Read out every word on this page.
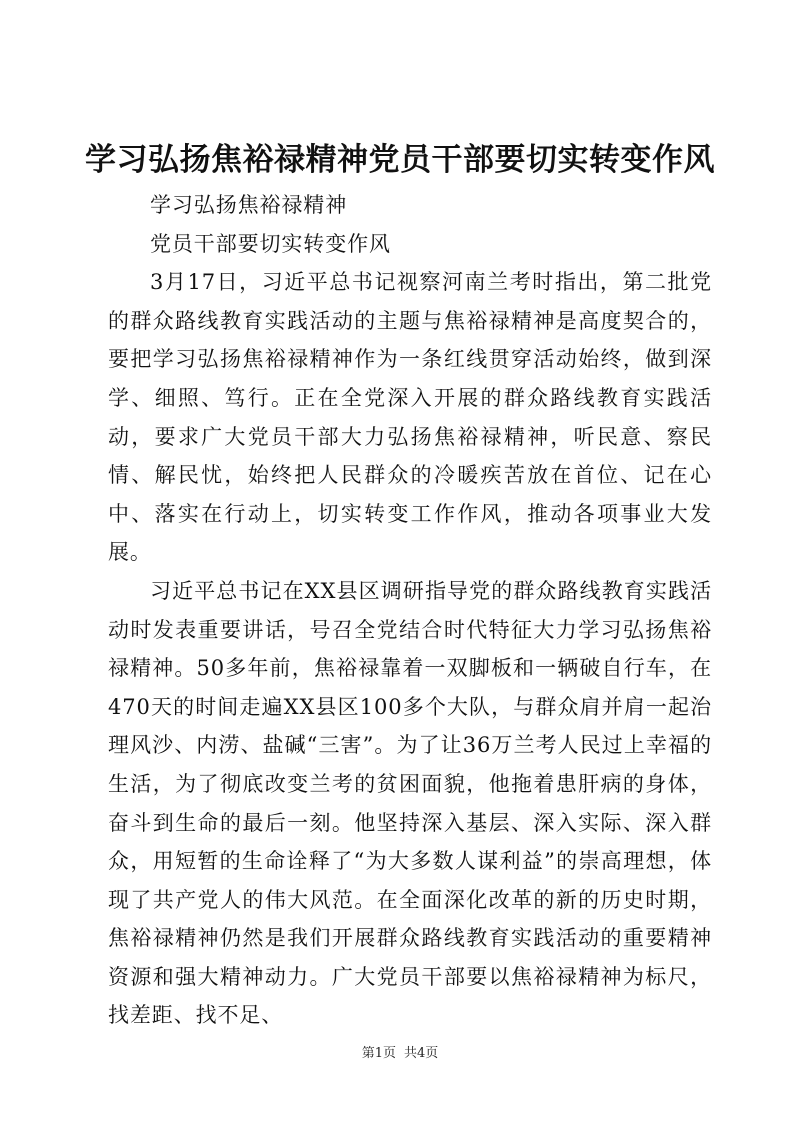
学习弘扬焦裕禄精神党员干部要切实转变作风

学习弘扬焦裕禄精神

党员干部要切实转变作风

3月17日，习近平总书记视察河南兰考时指出，第二批党的群众路线教育实践活动的主题与焦裕禄精神是高度契合的，要把学习弘扬焦裕禄精神作为一条红线贯穿活动始终，做到深学、细照、笃行。正在全党深入开展的群众路线教育实践活动，要求广大党员干部大力弘扬焦裕禄精神，听民意、察民情、解民忧，始终把人民群众的冷暖疾苦放在首位、记在心中、落实在行动上，切实转变工作作风，推动各项事业大发展。

习近平总书记在XX县区调研指导党的群众路线教育实践活动时发表重要讲话，号召全党结合时代特征大力学习弘扬焦裕禄精神。50多年前，焦裕禄靠着一双脚板和一辆破自行车，在470天的时间走遍XX县区100多个大队，与群众肩并肩一起治理风沙、内涝、盐碱“三害”。为了让36万兰考人民过上幸福的生活，为了彻底改变兰考的贫困面貌，他拖着患肝病的身体，奋斗到生命的最后一刻。他坚持深入基层、深入实际、深入群众，用短暂的生命诠释了“为大多数人谋利益”的崇高理想，体现了共产党人的伟大风范。在全面深化改革的新的历史时期，焦裕禄精神仍然是我们开展群众路线教育实践活动的重要精神资源和强大精神动力。广大党员干部要以焦裕禄精神为标尺，找差距、找不足、

第1页 共4页
